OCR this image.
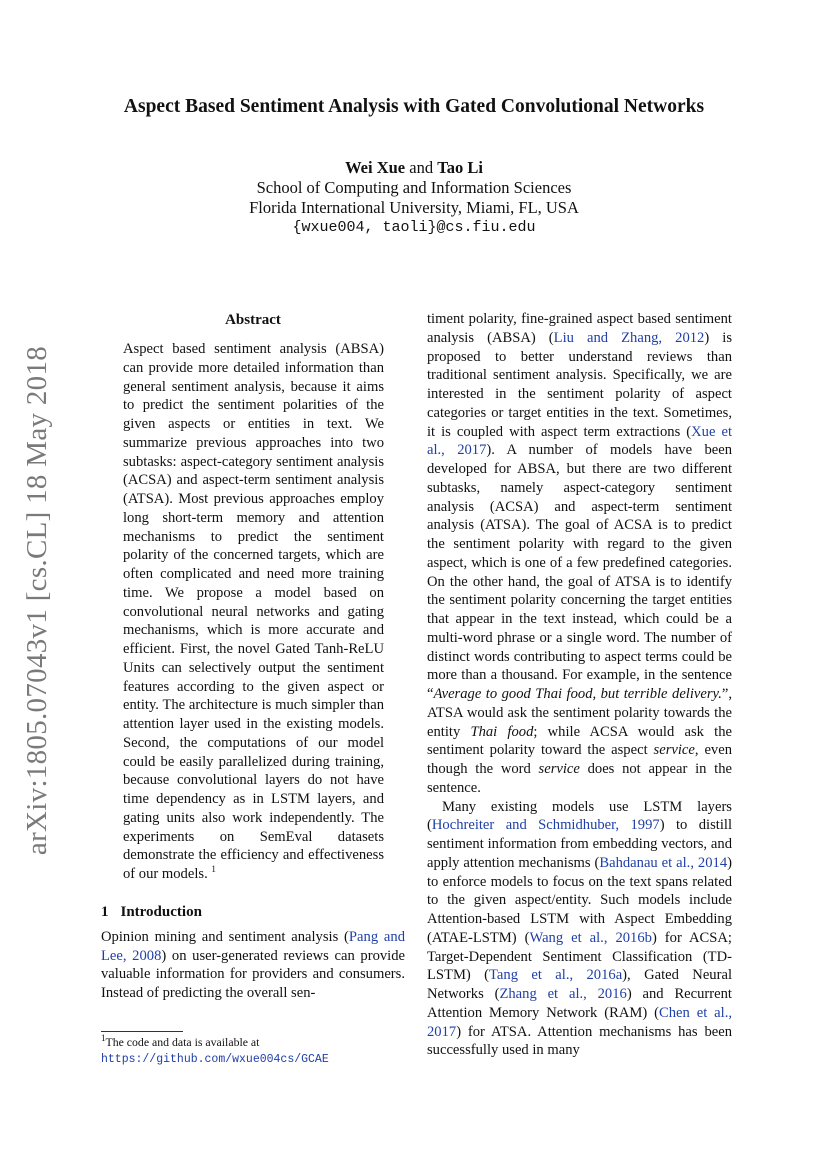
arXiv:1805.07043v1 [cs.CL] 18 May 2018
Aspect Based Sentiment Analysis with Gated Convolutional Networks
Wei Xue and Tao Li
School of Computing and Information Sciences
Florida International University, Miami, FL, USA
{wxue004, taoli}@cs.fiu.edu
Abstract

Aspect based sentiment analysis (ABSA) can provide more detailed information than general sentiment analysis, because it aims to predict the sentiment polarities of the given aspects or entities in text. We summarize previous approaches into two subtasks: aspect-category sentiment analysis (ACSA) and aspect-term sentiment analysis (ATSA). Most previous approaches employ long short-term memory and attention mechanisms to predict the sentiment polarity of the concerned targets, which are often complicated and need more training time. We propose a model based on convolutional neural networks and gating mechanisms, which is more accurate and efficient. First, the novel Gated Tanh-ReLU Units can selectively output the sentiment features according to the given aspect or entity. The architecture is much simpler than attention layer used in the existing models. Second, the computations of our model could be easily parallelized during training, because convolutional layers do not have time dependency as in LSTM layers, and gating units also work independently. The experiments on SemEval datasets demonstrate the efficiency and effectiveness of our models. $^1$

1 Introduction

Opinion mining and sentiment analysis (Pang and Lee, 2008) on user-generated reviews can provide valuable information for providers and consumers. Instead of predicting the overall sen-

timent polarity, fine-grained aspect based sentiment analysis (ABSA) (Liu and Zhang, 2012) is proposed to better understand reviews than traditional sentiment analysis. Specifically, we are interested in the sentiment polarity of aspect categories or target entities in the text. Sometimes, it is coupled with aspect term extractions (Xue et al., 2017). A number of models have been developed for ABSA, but there are two different subtasks, namely aspect-category sentiment analysis (ACSA) and aspect-term sentiment analysis (ATSA). The goal of ACSA is to predict the sentiment polarity with regard to the given aspect, which is one of a few predefined categories. On the other hand, the goal of ATSA is to identify the sentiment polarity concerning the target entities that appear in the text instead, which could be a multi-word phrase or a single word. The number of distinct words contributing to aspect terms could be more than a thousand. For example, in the sentence “Average to good Thai food, but terrible delivery.”, ATSA would ask the sentiment polarity towards the entity Thai food; while ACSA would ask the sentiment polarity toward the aspect service, even though the word service does not appear in the sentence.

Many existing models use LSTM layers (Hochreiter and Schmidhuber, 1997) to distill sentiment information from embedding vectors, and apply attention mechanisms (Bahdanau et al., 2014) to enforce models to focus on the text spans related to the given aspect/entity. Such models include Attention-based LSTM with Aspect Embedding (ATAE-LSTM) (Wang et al., 2016b) for ACSA; Target-Dependent Sentiment Classification (TD-LSTM) (Tang et al., 2016a), Gated Neural Networks (Zhang et al., 2016) and Recurrent Attention Memory Network (RAM) (Chen et al., 2017) for ATSA. Attention mechanisms has been successfully used in many

$^1$The code and data is available at https://github.com/wxue004cs/GCAE
